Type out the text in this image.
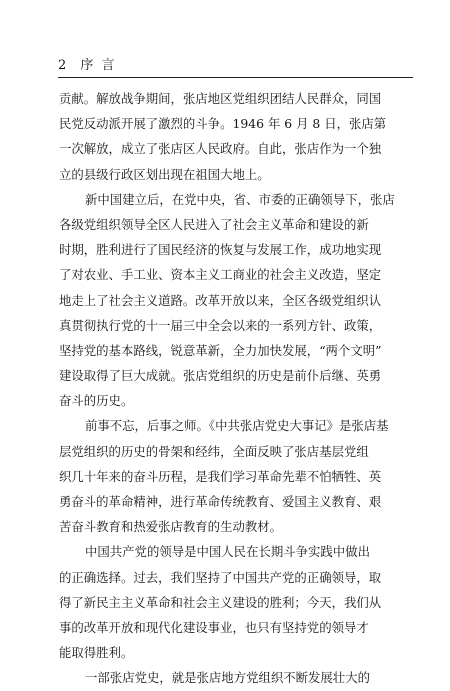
2 序 言
贡献。解放战争期间，张店地区党组织团结人民群众，同国
民党反动派开展了激烈的斗争。1946 年 6 月 8 日，张店第
一次解放，成立了张店区人民政府。自此，张店作为一个独
立的县级行政区划出现在祖国大地上。
新中国建立后，在党中央，省、市委的正确领导下，张店
各级党组织领导全区人民进入了社会主义革命和建设的新
时期，胜利进行了国民经济的恢复与发展工作，成功地实现
了对农业、手工业、资本主义工商业的社会主义改造，坚定
地走上了社会主义道路。改革开放以来，全区各级党组织认
真贯彻执行党的十一届三中全会以来的一系列方针、政策，
坚持党的基本路线，锐意革新，全力加快发展，“两个文明”
建设取得了巨大成就。张店党组织的历史是前仆后继、英勇
奋斗的历史。
前事不忘，后事之师。《中共张店党史大事记》是张店基
层党组织的历史的骨架和经纬，全面反映了张店基层党组
织几十年来的奋斗历程，是我们学习革命先辈不怕牺牲、英
勇奋斗的革命精神，进行革命传统教育、爱国主义教育、艰
苦奋斗教育和热爱张店教育的生动教材。
中国共产党的领导是中国人民在长期斗争实践中做出
的正确选择。过去，我们坚持了中国共产党的正确领导，取
得了新民主主义革命和社会主义建设的胜利；今天，我们从
事的改革开放和现代化建设事业，也只有坚持党的领导才
能取得胜利。
一部张店党史，就是张店地方党组织不断发展壮大的
